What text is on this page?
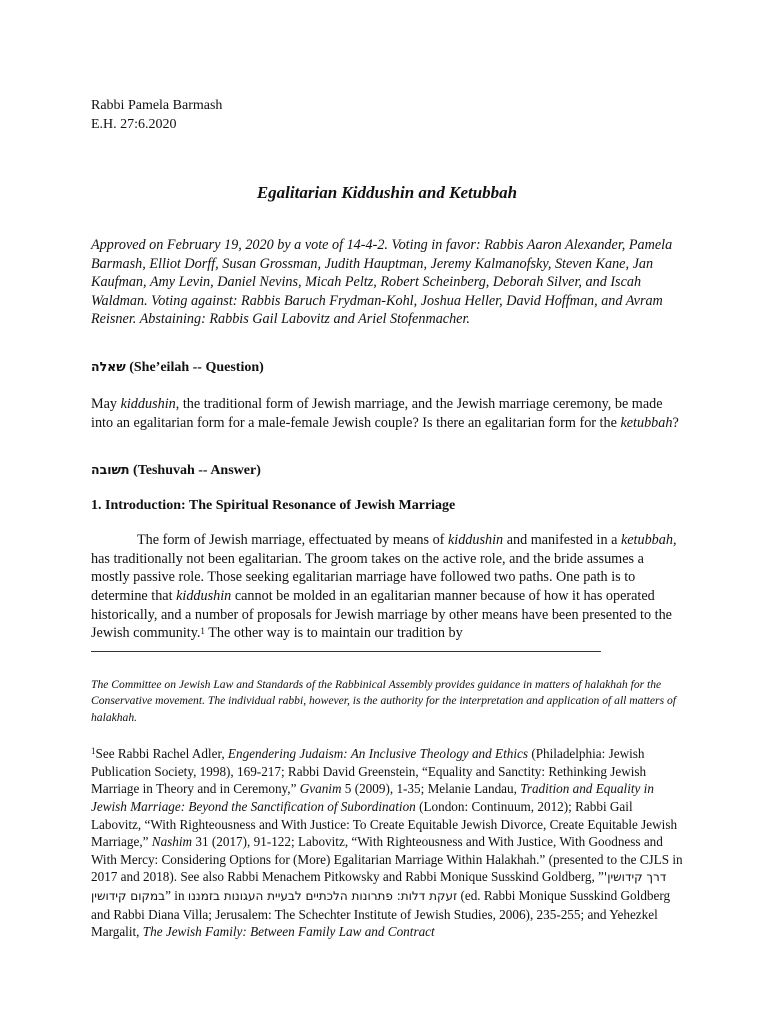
Rabbi Pamela Barmash
E.H. 27:6.2020
Egalitarian Kiddushin and Ketubbah
Approved on February 19, 2020 by a vote of 14-4-2. Voting in favor: Rabbis Aaron Alexander, Pamela Barmash, Elliot Dorff, Susan Grossman, Judith Hauptman, Jeremy Kalmanofsky, Steven Kane, Jan Kaufman, Amy Levin, Daniel Nevins, Micah Peltz, Robert Scheinberg, Deborah Silver, and Iscah Waldman. Voting against: Rabbis Baruch Frydman-Kohl, Joshua Heller, David Hoffman, and Avram Reisner. Abstaining: Rabbis Gail Labovitz and Ariel Stofenmacher.
שאלה (She’eilah -- Question)
May kiddushin, the traditional form of Jewish marriage, and the Jewish marriage ceremony, be made into an egalitarian form for a male-female Jewish couple? Is there an egalitarian form for the ketubbah?
תשובה (Teshuvah -- Answer)
1. Introduction: The Spiritual Resonance of Jewish Marriage
The form of Jewish marriage, effectuated by means of kiddushin and manifested in a ketubbah, has traditionally not been egalitarian. The groom takes on the active role, and the bride assumes a mostly passive role. Those seeking egalitarian marriage have followed two paths. One path is to determine that kiddushin cannot be molded in an egalitarian manner because of how it has operated historically, and a number of proposals for Jewish marriage by other means have been presented to the Jewish community.$^1$ The other way is to maintain our tradition by
The Committee on Jewish Law and Standards of the Rabbinical Assembly provides guidance in matters of halakhah for the Conservative movement. The individual rabbi, however, is the authority for the interpretation and application of all matters of halakhah.
$^1$See Rabbi Rachel Adler, Engendering Judaism: An Inclusive Theology and Ethics (Philadelphia: Jewish Publication Society, 1998), 169-217; Rabbi David Greenstein, “Equality and Sanctity: Rethinking Jewish Marriage in Theory and in Ceremony,” Gvanim 5 (2009), 1-35; Melanie Landau, Tradition and Equality in Jewish Marriage: Beyond the Sanctification of Subordination (London: Continuum, 2012); Rabbi Gail Labovitz, “With Righteousness and With Justice: To Create Equitable Jewish Divorce, Create Equitable Jewish Marriage,” Nashim 31 (2017), 91-122; Labovitz, “With Righteousness and With Justice, With Goodness and With Mercy: Considering Options for (More) Egalitarian Marriage Within Halakhah.” (presented to the CJLS in 2017 and 2018). See also Rabbi Menachem Pitkowsky and Rabbi Monique Susskind Goldberg, ”דרך קידושין' במקום קידושין” in זעקת דלות: פתרונות הלכתיים לבעיית העגונות בזמננו (ed. Rabbi Monique Susskind Goldberg and Rabbi Diana Villa; Jerusalem: The Schechter Institute of Jewish Studies, 2006), 235-255; and Yehezkel Margalit, The Jewish Family: Between Family Law and Contract
